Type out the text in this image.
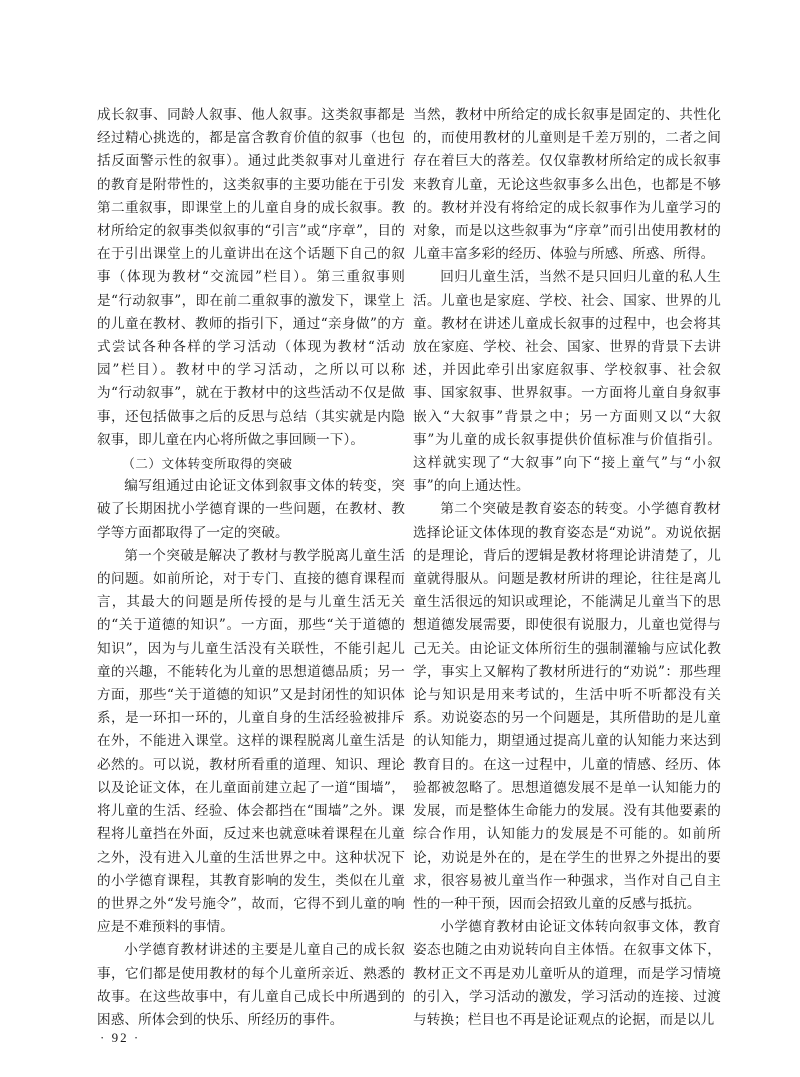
成长叙事、同龄人叙事、他人叙事。这类叙事都是经过精心挑选的，都是富含教育价值的叙事（也包括反面警示性的叙事）。通过此类叙事对儿童进行的教育是附带性的，这类叙事的主要功能在于引发第二重叙事，即课堂上的儿童自身的成长叙事。教材所给定的叙事类似叙事的“引言”或“序章”，目的在于引出课堂上的儿童讲出在这个话题下自己的叙事（体现为教材“交流园”栏目）。第三重叙事则是“行动叙事”，即在前二重叙事的激发下，课堂上的儿童在教材、教师的指引下，通过“亲身做”的方式尝试各种各样的学习活动（体现为教材“活动园”栏目）。教材中的学习活动，之所以可以称为“行动叙事”，就在于教材中的这些活动不仅是做事，还包括做事之后的反思与总结（其实就是内隐叙事，即儿童在内心将所做之事回顾一下）。

（二）文体转变所取得的突破

编写组通过由论证文体到叙事文体的转变，突破了长期困扰小学德育课的一些问题，在教材、教学等方面都取得了一定的突破。

第一个突破是解决了教材与教学脱离儿童生活的问题。如前所论，对于专门、直接的德育课程而言，其最大的问题是所传授的是与儿童生活无关的“关于道德的知识”。一方面，那些“关于道德的知识”，因为与儿童生活没有关联性，不能引起儿童的兴趣，不能转化为儿童的思想道德品质；另一方面，那些“关于道德的知识”又是封闭性的知识体系，是一环扣一环的，儿童自身的生活经验被排斥在外，不能进入课堂。这样的课程脱离儿童生活是必然的。可以说，教材所看重的道理、知识、理论以及论证文体，在儿童面前建立起了一道“围墙”，将儿童的生活、经验、体会都挡在“围墙”之外。课程将儿童挡在外面，反过来也就意味着课程在儿童之外，没有进入儿童的生活世界之中。这种状况下的小学德育课程，其教育影响的发生，类似在儿童的世界之外“发号施令”，故而，它得不到儿童的响应是不难预料的事情。

小学德育教材讲述的主要是儿童自己的成长叙事，它们都是使用教材的每个儿童所亲近、熟悉的故事。在这些故事中，有儿童自己成长中所遇到的困惑、所体会到的快乐、所经历的事件。

当然，教材中所给定的成长叙事是固定的、共性化的，而使用教材的儿童则是千差万别的，二者之间存在着巨大的落差。仅仅靠教材所给定的成长叙事来教育儿童，无论这些叙事多么出色，也都是不够的。教材并没有将给定的成长叙事作为儿童学习的对象，而是以这些叙事为“序章”而引出使用教材的儿童丰富多彩的经历、体验与所感、所惑、所得。

回归儿童生活，当然不是只回归儿童的私人生活。儿童也是家庭、学校、社会、国家、世界的儿童。教材在讲述儿童成长叙事的过程中，也会将其放在家庭、学校、社会、国家、世界的背景下去讲述，并因此牵引出家庭叙事、学校叙事、社会叙事、国家叙事、世界叙事。一方面将儿童自身叙事嵌入“大叙事”背景之中；另一方面则又以“大叙事”为儿童的成长叙事提供价值标准与价值指引。这样就实现了“大叙事”向下“接上童气”与“小叙事”的向上通达性。

第二个突破是教育姿态的转变。小学德育教材选择论证文体体现的教育姿态是“劝说”。劝说依据的是理论，背后的逻辑是教材将理论讲清楚了，儿童就得服从。问题是教材所讲的理论，往往是离儿童生活很远的知识或理论，不能满足儿童当下的思想道德发展需要，即使很有说服力，儿童也觉得与己无关。由论证文体所衍生的强制灌输与应试化教学，事实上又解构了教材所进行的“劝说”：那些理论与知识是用来考试的，生活中听不听都没有关系。劝说姿态的另一个问题是，其所借助的是儿童的认知能力，期望通过提高儿童的认知能力来达到教育目的。在这一过程中，儿童的情感、经历、体验都被忽略了。思想道德发展不是单一认知能力的发展，而是整体生命能力的发展。没有其他要素的综合作用，认知能力的发展是不可能的。如前所论，劝说是外在的，是在学生的世界之外提出的要求，很容易被儿童当作一种强求，当作对自己自主性的一种干预，因而会招致儿童的反感与抵抗。

小学德育教材由论证文体转向叙事文体，教育姿态也随之由劝说转向自主体悟。在叙事文体下，教材正文不再是劝儿童听从的道理，而是学习情境的引入，学习活动的激发，学习活动的连接、过渡与转换；栏目也不再是论证观点的论据，而是以儿

· 92 ·
